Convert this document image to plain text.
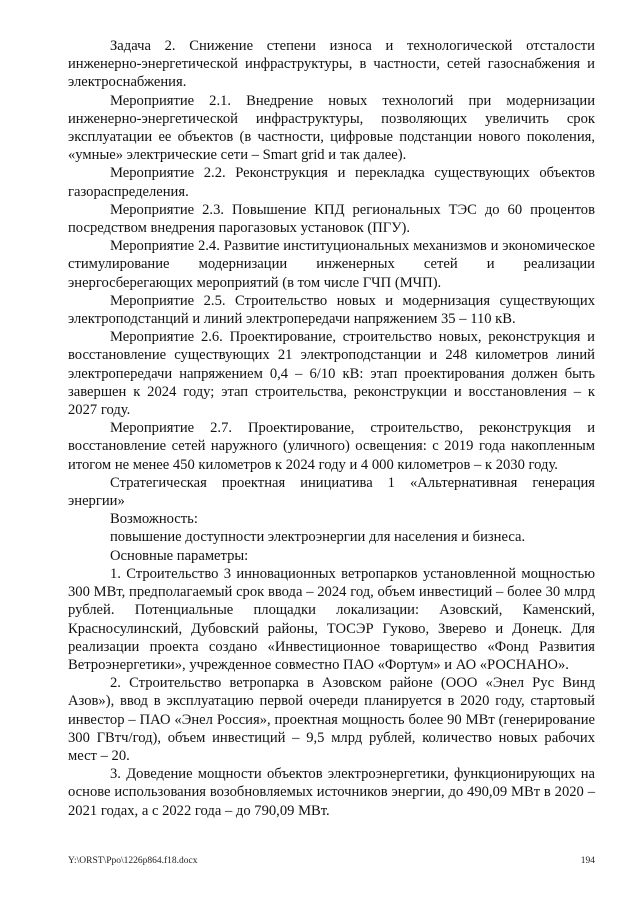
Задача 2. Снижение степени износа и технологической отсталости инженерно-энергетической инфраструктуры, в частности, сетей газоснабжения и электроснабжения.

Мероприятие 2.1. Внедрение новых технологий при модернизации инженерно-энергетической инфраструктуры, позволяющих увеличить срок эксплуатации ее объектов (в частности, цифровые подстанции нового поколения, «умные» электрические сети – Smart grid и так далее).

Мероприятие 2.2. Реконструкция и перекладка существующих объектов газораспределения.

Мероприятие 2.3. Повышение КПД региональных ТЭС до 60 процентов посредством внедрения парогазовых установок (ПГУ).

Мероприятие 2.4. Развитие институциональных механизмов и экономическое стимулирование модернизации инженерных сетей и реализации энергосберегающих мероприятий (в том числе ГЧП (МЧП).

Мероприятие 2.5. Строительство новых и модернизация существующих электроподстанций и линий электропередачи напряжением 35 – 110 кВ.

Мероприятие 2.6. Проектирование, строительство новых, реконструкция и восстановление существующих 21 электроподстанции и 248 километров линий электропередачи напряжением 0,4 – 6/10 кВ: этап проектирования должен быть завершен к 2024 году; этап строительства, реконструкции и восстановления – к 2027 году.

Мероприятие 2.7. Проектирование, строительство, реконструкция и восстановление сетей наружного (уличного) освещения: с 2019 года накопленным итогом не менее 450 километров к 2024 году и 4 000 километров – к 2030 году.

Стратегическая проектная инициатива 1 «Альтернативная генерация энергии»

Возможность:

повышение доступности электроэнергии для населения и бизнеса.

Основные параметры:

1. Строительство 3 инновационных ветропарков установленной мощностью 300 МВт, предполагаемый срок ввода – 2024 год, объем инвестиций – более 30 млрд рублей. Потенциальные площадки локализации: Азовский, Каменский, Красносулинский, Дубовский районы, ТОСЭР Гуково, Зверево и Донецк. Для реализации проекта создано «Инвестиционное товарищество «Фонд Развития Ветроэнергетики», учрежденное совместно ПАО «Фортум» и АО «РОСНАНО».

2. Строительство ветропарка в Азовском районе (ООО «Энел Рус Винд Азов»), ввод в эксплуатацию первой очереди планируется в 2020 году, стартовый инвестор – ПАО «Энел Россия», проектная мощность более 90 МВт (генерирование 300 ГВтч/год), объем инвестиций – 9,5 млрд рублей, количество новых рабочих мест – 20.

3. Доведение мощности объектов электроэнергетики, функционирующих на основе использования возобновляемых источников энергии, до 490,09 МВт в 2020 – 2021 годах, а с 2022 года – до 790,09 МВт.

Y:\ORST\Ppo\1226p864.f18.docx	194
